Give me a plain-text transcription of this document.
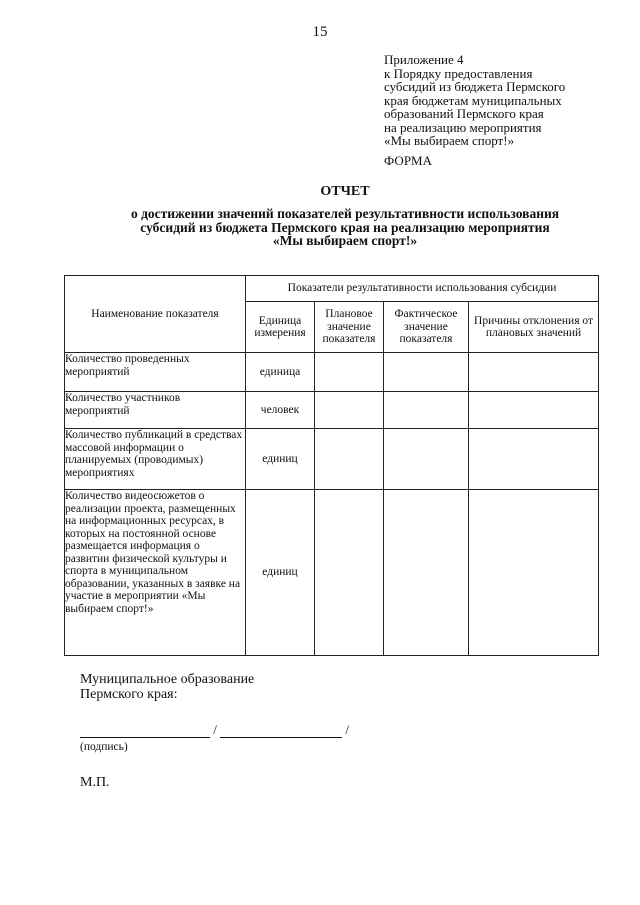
15
Приложение 4
к Порядку предоставления
субсидий из бюджета Пермского
края бюджетам муниципальных
образований Пермского края
на реализацию мероприятия
«Мы выбираем спорт!»
ФОРМА
ОТЧЕТ
о достижении значений показателей результативности использования
субсидий из бюджета Пермского края на реализацию мероприятия
«Мы выбираем спорт!»
Наименование показателя	Показатели результативности использования субсидии			
	Единица измерения	Плановое значение показателя	Фактическое значение показателя	Причины отклонения от плановых значений
Количество проведенных мероприятий	единица			
Количество участников мероприятий	человек			
Количество публикаций в средствах массовой информации о планируемых (проводимых) мероприятиях	единиц			
Количество видеосюжетов о реализации проекта, размещенных на информационных ресурсах, в которых на постоянной основе размещается информация о развитии физической культуры и спорта в муниципальном образовании, указанных в заявке на участие в мероприятии «Мы выбираем спорт!»	единиц			
Муниципальное образование
Пермского края:
/	/
(подпись)
М.П.
